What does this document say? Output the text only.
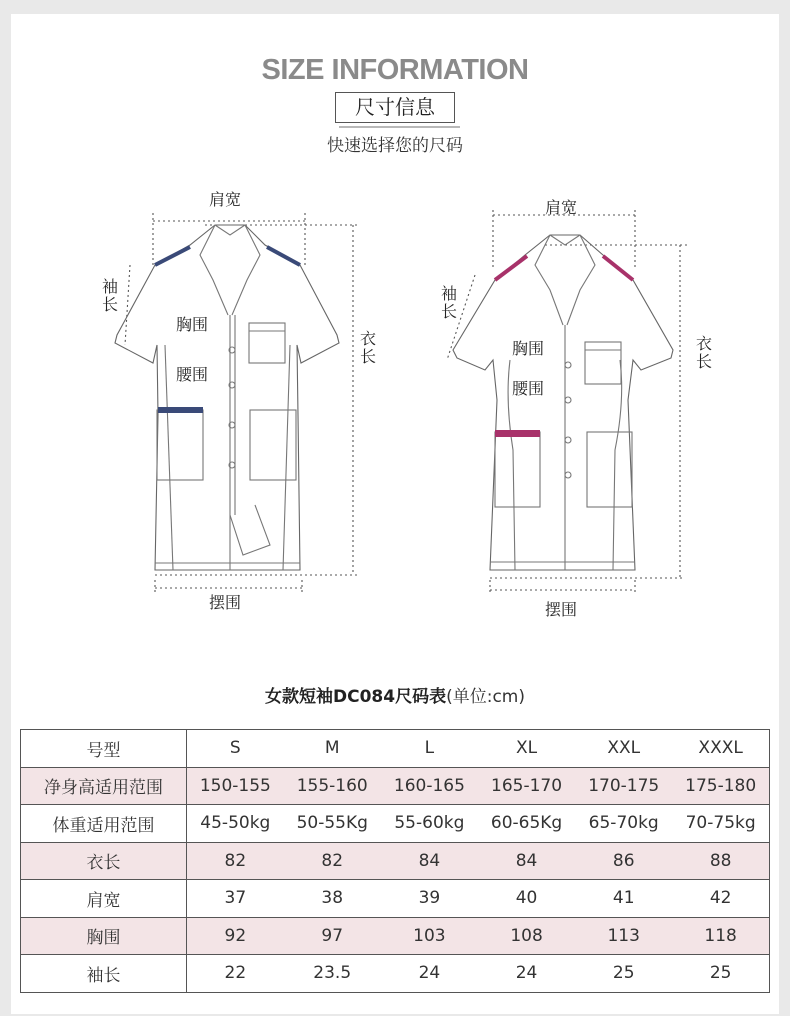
SIZE INFORMATION
尺寸信息
快速选择您的尺码
肩宽
袖长
胸围
腰围
衣长
摆围
肩宽
袖长
胸围
腰围
衣长
摆围
女款短袖DC084尺码表(单位:cm)
号型	S	M	L	XL	XXL	XXXL
净身高适用范围	150-155	155-160	160-165	165-170	170-175	175-180
体重适用范围	45-50kg	50-55Kg	55-60kg	60-65Kg	65-70kg	70-75kg
衣长	82	82	84	84	86	88
肩宽	37	38	39	40	41	42
胸围	92	97	103	108	113	118
袖长	22	23.5	24	24	25	25
